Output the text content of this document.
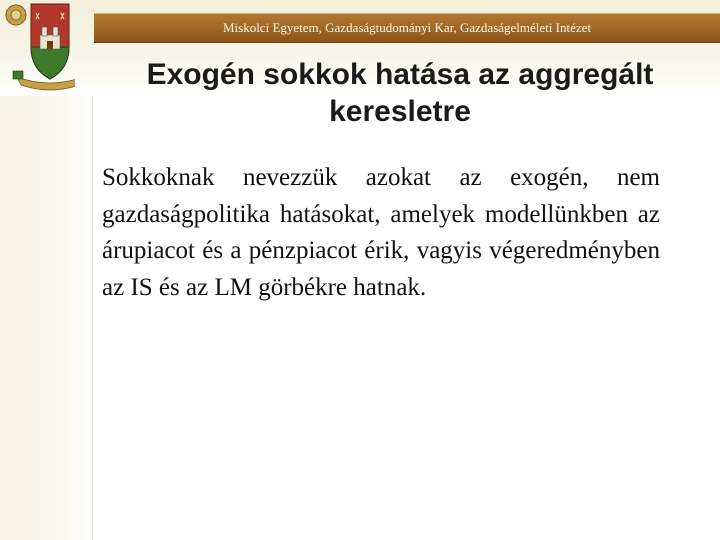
Miskolci Egyetem, Gazdaságtudományi Kar, Gazdaságelméleti Intézet
Exogén sokkok hatása az aggregált keresletre

Sokkoknak nevezzük azokat az exogén, nem gazdaságpolitika hatásokat, amelyek modellünkben az árupiacot és a pénzpiacot érik, vagyis végeredményben az IS és az LM görbékre hatnak.
